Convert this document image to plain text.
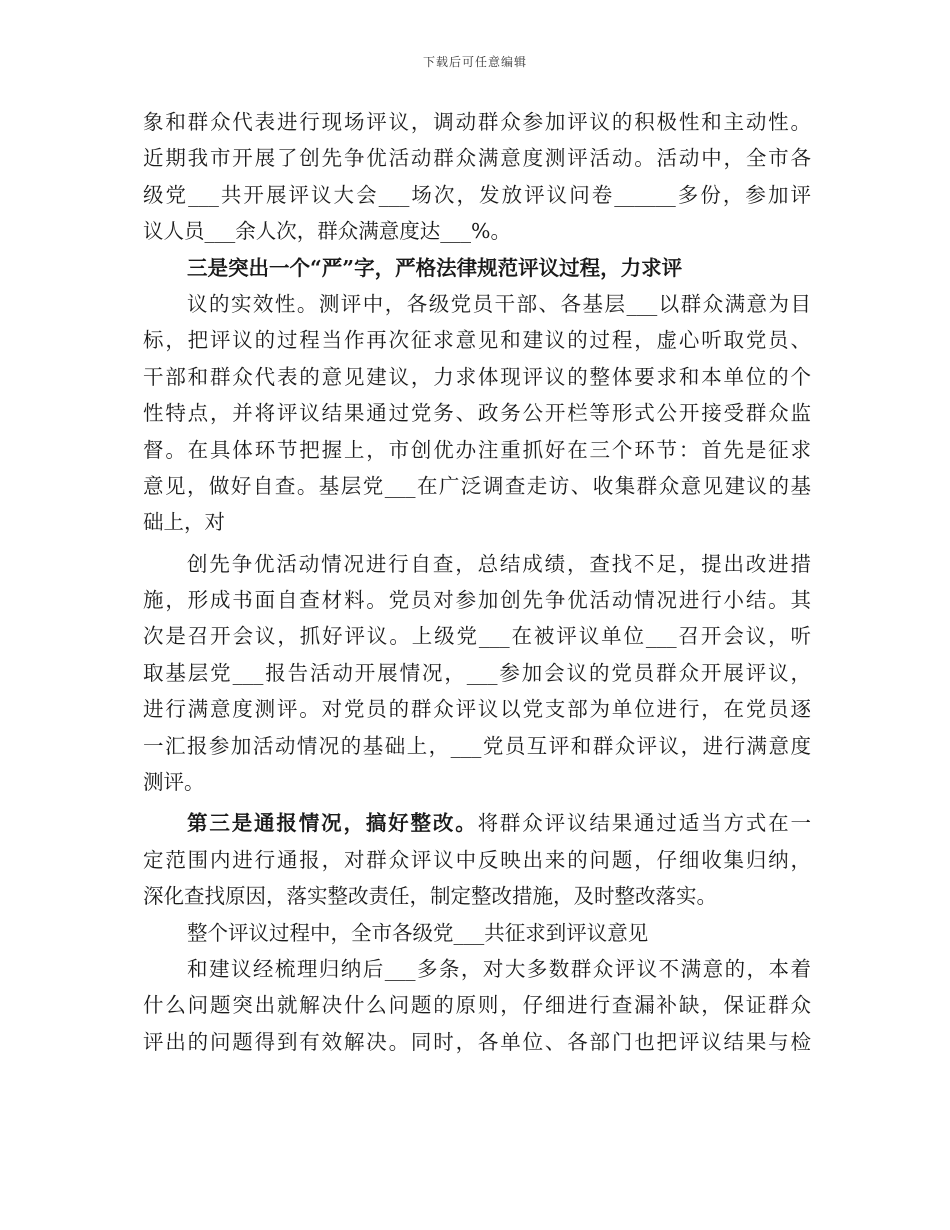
下载后可任意编辑
象和群众代表进行现场评议，调动群众参加评议的积极性和主动性。
近期我市开展了创先争优活动群众满意度测评活动。活动中，全市各
级党___共开展评议大会___场次，发放评议问卷______多份，参加评
议人员___余人次，群众满意度达___%。
三是突出一个“严”字，严格法律规范评议过程，力求评
议的实效性。测评中，各级党员干部、各基层___以群众满意为目
标，把评议的过程当作再次征求意见和建议的过程，虚心听取党员、
干部和群众代表的意见建议，力求体现评议的整体要求和本单位的个
性特点，并将评议结果通过党务、政务公开栏等形式公开接受群众监
督。在具体环节把握上，市创优办注重抓好在三个环节：首先是征求
意见，做好自查。基层党___在广泛调查走访、收集群众意见建议的基
础上，对
创先争优活动情况进行自查，总结成绩，查找不足，提出改进措
施，形成书面自查材料。党员对参加创先争优活动情况进行小结。其
次是召开会议，抓好评议。上级党___在被评议单位___召开会议，听
取基层党___报告活动开展情况，___参加会议的党员群众开展评议，
进行满意度测评。对党员的群众评议以党支部为单位进行，在党员逐
一汇报参加活动情况的基础上，___党员互评和群众评议，进行满意度
测评。
第三是通报情况，搞好整改。将群众评议结果通过适当方式在一
定范围内进行通报，对群众评议中反映出来的问题，仔细收集归纳，
深化查找原因，落实整改责任，制定整改措施，及时整改落实。
整个评议过程中，全市各级党___共征求到评议意见
和建议经梳理归纳后___多条，对大多数群众评议不满意的，本着
什么问题突出就解决什么问题的原则，仔细进行查漏补缺，保证群众
评出的问题得到有效解决。同时，各单位、各部门也把评议结果与检
